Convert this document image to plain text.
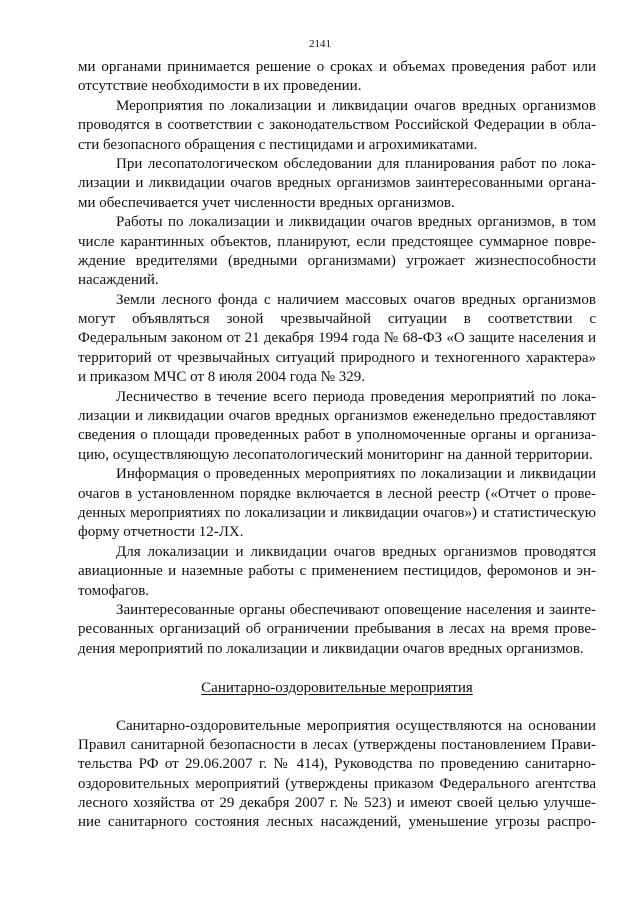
2141
ми органами принимается решение о сроках и объемах проведения работ или
отсутствие необходимости в их проведении.
Мероприятия по локализации и ликвидации очагов вредных организмов
проводятся в соответствии с законодательством Российской Федерации в обла-
сти безопасного обращения с пестицидами и агрохимикатами.
При лесопатологическом обследовании для планирования работ по лока-
лизации и ликвидации очагов вредных организмов заинтересованными органа-
ми обеспечивается учет численности вредных организмов.
Работы по локализации и ликвидации очагов вредных организмов, в том
числе карантинных объектов, планируют, если предстоящее суммарное повре-
ждение вредителями (вредными организмами) угрожает жизнеспособности
насаждений.
Земли лесного фонда с наличием массовых очагов вредных организмов
могут объявляться зоной чрезвычайной ситуации в соответствии с
Федеральным законом от 21 декабря 1994 года № 68-ФЗ «О защите населения и
территорий от чрезвычайных ситуаций природного и техногенного характера»
и приказом МЧС от 8 июля 2004 года № 329.
Лесничество в течение всего периода проведения мероприятий по лока-
лизации и ликвидации очагов вредных организмов еженедельно предоставляют
сведения о площади проведенных работ в уполномоченные органы и организа-
цию, осуществляющую лесопатологический мониторинг на данной территории.
Информация о проведенных мероприятиях по локализации и ликвидации
очагов в установленном порядке включается в лесной реестр («Отчет о прове-
денных мероприятиях по локализации и ликвидации очагов») и статистическую
форму отчетности 12-ЛХ.
Для локализации и ликвидации очагов вредных организмов проводятся
авиационные и наземные работы с применением пестицидов, феромонов и эн-
томофагов.
Заинтересованные органы обеспечивают оповещение населения и заинте-
ресованных организаций об ограничении пребывания в лесах на время прове-
дения мероприятий по локализации и ликвидации очагов вредных организмов.
Санитарно-оздоровительные мероприятия
Санитарно-оздоровительные мероприятия осуществляются на основании
Правил санитарной безопасности в лесах (утверждены постановлением Прави-
тельства РФ от 29.06.2007 г. № 414), Руководства по проведению санитарно-
оздоровительных мероприятий (утверждены приказом Федерального агентства
лесного хозяйства от 29 декабря 2007 г. № 523) и имеют своей целью улучше-
ние санитарного состояния лесных насаждений, уменьшение угрозы распро-
